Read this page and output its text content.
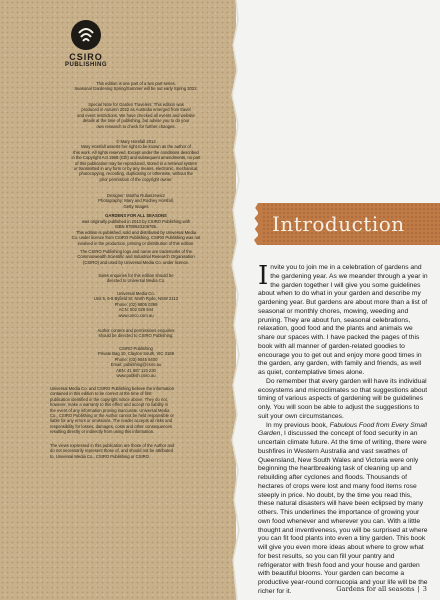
CSIRO
PUBLISHING

This edition is one part of a two part series.
Seasonal Gardening Spring/Summer will be out early Spring 2022.

Special Note for Garden Travelers: This edition was
produced in Autumn 2022 as Australia emerged from travel
and event restrictions. We have checked all events and website
details at the time of publishing, but advise you to do your
own research to check for further changes.

© Mary Horsfall 2012
Mary Horsfall asserts her right to be known as the author of
this work. All rights reserved. Except under the conditions described
in the Copyright Act 1968 (Cth) and subsequent amendments, no part
of this publication may be reproduced, stored in a retrieval system
or transmitted in any form or by any means, electronic, mechanical,
photocopying, recording, duplicating or otherwise, without the
prior permission of the copyright owner.

Designer: Martha Rubaszewicz
Photography: Mary and Rodney Horsfall,
Getty Images

GARDENS FOR ALL SEASONS

was originally published in 2013 by CSIRO Publishing with
ISBN 9780643106765.
This edition is published, sold and distributed by Universal Media
Co. under licence from CSIRO Publishing. CSIRO Publishing was not
involved in the production, printing or distribution of this edition.

The CSIRO Publishing logo and name are trademarks of the
Commonwealth Scientific and Industrial Research Organisation
(CSIRO) and used by Universal Media Co. under licence.

Sales enquiries for this edition should be
directed to Universal Media Co.

Universal Media Co.
Unit 5, 6-8 Byfield St, North Ryde, NSW 2113
Phone: (02) 9805 0399
ACN: 002 028 944
www.umco.com.au

Author content and permissions enquiries
should be directed to CSIRO Publishing:

CSIRO Publishing
Private Bag 10, Clayton South, VIC 3169
Phone: (03) 9545 8400
Email: publishing@csiro.au
ABN: 41 687 119 230
www.publish.csiro.au

Universal Media Co. and CSIRO Publishing believe the information
contained in this edition to be correct at the time of first
publication identified in the copyright notice above. They do not,
however, make a warranty to this effect and accept no liability in
the event of any information proving inaccurate. Universal Media
Co., CSIRO Publishing or the Author cannot be held responsible or
liable for any errors or omissions. The reader accepts all risks and
responsibility for losses, damages, costs and other consequences
resulting directly or indirectly from using this information.

The views expressed in this publication are those of the Author and
do not necessarily represent those of, and should not be attributed
to, Universal Media Co., CSIRO Publishing or CSIRO.

Introduction

Invite you to join me in a celebration of gardens and the gardening year. As we meander through a year in the garden together I will give you some guidelines about when to do what in your garden and describe my gardening year. But gardens are about more than a list of seasonal or monthly chores, mowing, weeding and pruning. They are about fun, seasonal celebrations, relaxation, good food and the plants and animals we share our spaces with. I have packed the pages of this book with all manner of garden-related goodies to encourage you to get out and enjoy more good times in the garden, any garden, with family and friends, as well as quiet, contemplative times alone.

Do remember that every garden will have its individual ecosystems and microclimates so that suggestions about timing of various aspects of gardening will be guidelines only. You will soon be able to adjust the suggestions to suit your own circumstances.

In my previous book, Fabulous Food from Every Small Garden, I discussed the concept of food security in an uncertain climate future. At the time of writing, there were bushfires in Western Australia and vast swathes of Queensland, New South Wales and Victoria were only beginning the heartbreaking task of cleaning up and rebuilding after cyclones and floods. Thousands of hectares of crops were lost and many food items rose steeply in price. No doubt, by the time you read this, these natural disasters will have been eclipsed by many others. This underlines the importance of growing your own food whenever and wherever you can. With a little thought and inventiveness, you will be surprised at where you can fit food plants into even a tiny garden. This book will give you even more ideas about where to grow what for best results, so you can fill your pantry and refrigerator with fresh food and your house and garden with beautiful blooms. Your garden can become a productive year-round cornucopia and your life will be the richer for it.	Gardens for all seasons | 3
